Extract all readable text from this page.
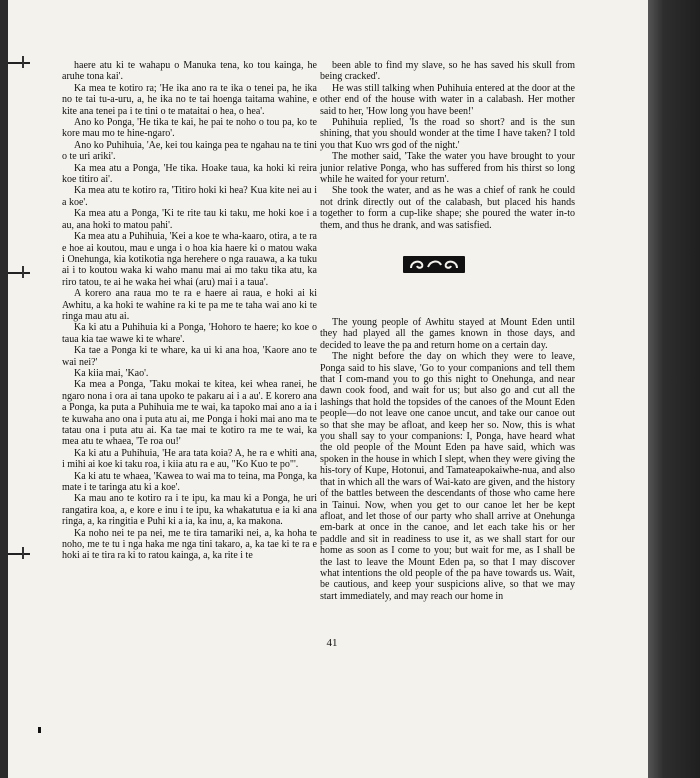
haere atu ki te wahapu o Manuka tena, ko tou kainga, he aruhe tona kai'.

Ka mea te kotiro ra; 'He ika ano ra te ika o tenei pa, he ika no te tai tu-a-uru, a, he ika no te tai hoenga taitama wahine, e kite ana tenei pa i te tini o te mataitai o hea, o hea'.

Ano ko Ponga, 'He tika te kai, he pai te noho o tou pa, ko te kore mau mo te hine-ngaro'.

Ano ko Puhihuia, 'Ae, kei tou kainga pea te ngahau na te tini o te uri ariki'.

Ka mea atu a Ponga, 'He tika. Hoake taua, ka hoki ki reira koe titiro ai'.

Ka mea atu te kotiro ra, 'Titiro hoki ki hea? Kua kite nei au i a koe'.

Ka mea atu a Ponga, 'Ki te rite tau ki taku, me hoki koe i a au, ana hoki to matou pahi'.

Ka mea atu a Puhihuia, 'Kei a koe te wha-kaaro, otira, a te ra e hoe ai koutou, mau e unga i o hoa kia haere ki o matou waka i Onehunga, kia kotikotia nga herehere o nga rauawa, a ka tuku ai i to koutou waka ki waho manu mai ai mo taku tika atu, ka riro tatou, te ai he waka hei whai (aru) mai i a taua'.

A korero ana raua mo te ra e haere ai raua, e hoki ai ki Awhitu, a ka hoki te wahine ra ki te pa me te taha wai ano ki te ringa mau atu ai.

Ka ki atu a Puhihuia ki a Ponga, 'Hohoro te haere; ko koe o taua kia tae wawe ki te whare'.

Ka tae a Ponga ki te whare, ka ui ki ana hoa, 'Kaore ano te wai nei?'

Ka kiia mai, 'Kao'.

Ka mea a Ponga, 'Taku mokai te kitea, kei whea ranei, he ngaro nona i ora ai tana upoko te pakaru ai i a au'. E korero ana a Ponga, ka puta a Puhihuia me te wai, ka tapoko mai ano a ia i te kuwaha ano ona i puta atu ai, me Ponga i hoki mai ano ma te tatau ona i puta atu ai. Ka tae mai te kotiro ra me te wai, ka mea atu te whaea, 'Te roa ou!'

Ka ki atu a Puhihuia, 'He ara tata koia? A, he ra e whiti ana, i mihi ai koe ki taku roa, i kiia atu ra e au, "Ko Kuo te po"'.

Ka ki atu te whaea, 'Kawea to wai ma to teina, ma Ponga, ka mate i te taringa atu ki a koe'.

Ka mau ano te kotiro ra i te ipu, ka mau ki a Ponga, he uri rangatira koa, a, e kore e inu i te ipu, ka whakatutua e ia ki ana ringa, a, ka ringitia e Puhi ki a ia, ka inu, a, ka makona.

Ka noho nei te pa nei, me te tira tamariki nei, a, ka hoha te noho, me te tu i nga haka me nga tini takaro, a, ka tae ki te ra e hoki ai te tira ra ki to ratou kainga, a, ka rite i te

been able to find my slave, so he has saved his skull from being cracked'.

He was still talking when Puhihuia entered at the door at the other end of the house with water in a calabash. Her mother said to her, 'How long you have been!'

Puhihuia replied, 'Is the road so short? and is the sun shining, that you should wonder at the time I have taken? I told you that Kuo wrs god of the night.'

The mother said, 'Take the water you have brought to your junior relative Ponga, who has suffered from his thirst so long while he waited for your return'.

She took the water, and as he was a chief of rank he could not drink directly out of the calabash, but placed his hands together to form a cup-like shape; she poured the water in-to them, and thus he drank, and was satisfied.

The young people of Awhitu stayed at Mount Eden until they had played all the games known in those days, and decided to leave the pa and return home on a certain day.

The night before the day on which they were to leave, Ponga said to his slave, 'Go to your companions and tell them that I com-mand you to go this night to Onehunga, and near dawn cook food, and wait for us; but also go and cut all the lashings that hold the topsides of the canoes of the Mount Eden people—do not leave one canoe uncut, and take our canoe out so that she may be afloat, and keep her so. Now, this is what you shall say to your companions: I, Ponga, have heard what the old people of the Mount Eden pa have said, which was spoken in the house in which I slept, when they were giving the his-tory of Kupe, Hotonui, and Tamateapokaiwhe-nua, and also that in which all the wars of Wai-kato are given, and the history of the battles between the descendants of those who came here in Tainui. Now, when you get to our canoe let her be kept afloat, and let those of our party who shall arrive at Onehunga em-bark at once in the canoe, and let each take his or her paddle and sit in readiness to use it, as we shall start for our home as soon as I come to you; but wait for me, as I shall be the last to leave the Mount Eden pa, so that I may discover what intentions the old people of the pa have towards us. Wait, be cautious, and keep your suspicions alive, so that we may start immediately, and may reach our home in

41
